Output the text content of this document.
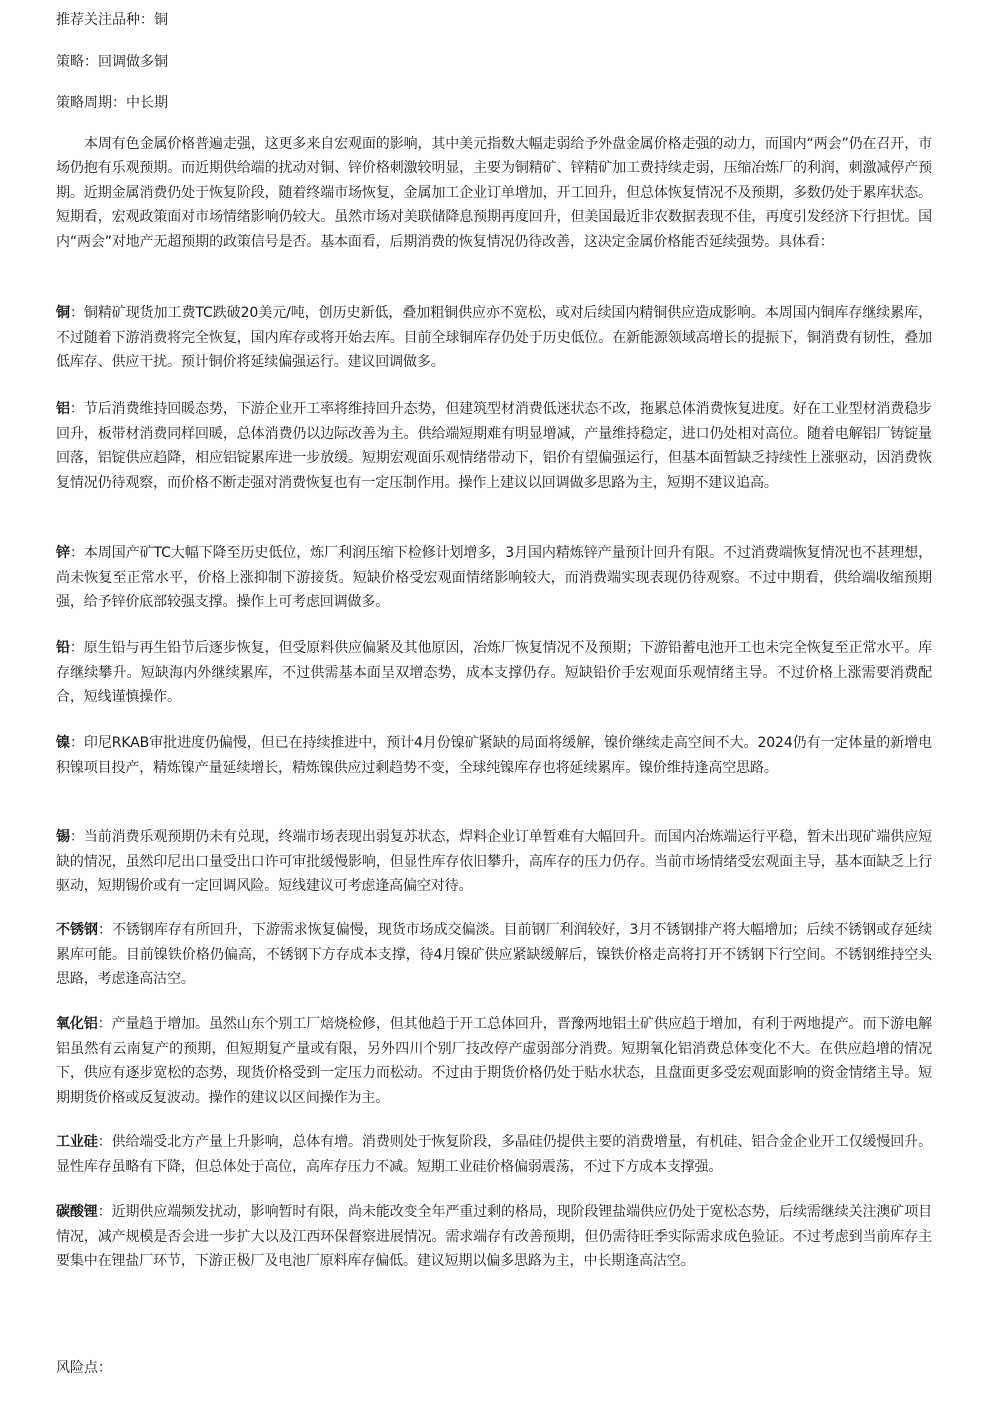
推荐关注品种：铜

策略：回调做多铜

策略周期：中长期

本周有色金属价格普遍走强，这更多来自宏观面的影响，其中美元指数大幅走弱给予外盘金属价格走强的动力，而国内“两会”仍在召开，市场仍抱有乐观预期。而近期供给端的扰动对铜、锌价格刺激较明显，主要为铜精矿、锌精矿加工费持续走弱，压缩冶炼厂的利润，刺激减停产预期。近期金属消费仍处于恢复阶段，随着终端市场恢复，金属加工企业订单增加，开工回升，但总体恢复情况不及预期，多数仍处于累库状态。短期看，宏观政策面对市场情绪影响仍较大。虽然市场对美联储降息预期再度回升，但美国最近非农数据表现不佳，再度引发经济下行担忧。国内“两会”对地产无超预期的政策信号是否。基本面看，后期消费的恢复情况仍待改善，这决定金属价格能否延续强势。具体看：

铜：铜精矿现货加工费TC跌破20美元/吨，创历史新低，叠加粗铜供应亦不宽松，或对后续国内精铜供应造成影响。本周国内铜库存继续累库，不过随着下游消费将完全恢复，国内库存或将开始去库。目前全球铜库存仍处于历史低位。在新能源领域高增长的提振下，铜消费有韧性，叠加低库存、供应干扰。预计铜价将延续偏强运行。建议回调做多。

铝：节后消费维持回暖态势，下游企业开工率将维持回升态势，但建筑型材消费低迷状态不改，拖累总体消费恢复进度。好在工业型材消费稳步回升，板带材消费同样回暖，总体消费仍以边际改善为主。供给端短期难有明显增减，产量维持稳定，进口仍处相对高位。随着电解铝厂铸锭量回落，铝锭供应趋降，相应铝锭累库进一步放缓。短期宏观面乐观情绪带动下，铝价有望偏强运行，但基本面暂缺乏持续性上涨驱动，因消费恢复情况仍待观察，而价格不断走强对消费恢复也有一定压制作用。操作上建议以回调做多思路为主，短期不建议追高。

锌：本周国产矿TC大幅下降至历史低位，炼厂利润压缩下检修计划增多，3月国内精炼锌产量预计回升有限。不过消费端恢复情况也不甚理想，尚未恢复至正常水平，价格上涨抑制下游接货。短缺价格受宏观面情绪影响较大，而消费端实现表现仍待观察。不过中期看，供给端收缩预期强，给予锌价底部较强支撑。操作上可考虑回调做多。

铅：原生铅与再生铅节后逐步恢复，但受原料供应偏紧及其他原因，冶炼厂恢复情况不及预期；下游铅蓄电池开工也未完全恢复至正常水平。库存继续攀升。短缺海内外继续累库，不过供需基本面呈双增态势，成本支撑仍存。短缺铅价手宏观面乐观情绪主导。不过价格上涨需要消费配合，短线谨慎操作。

镍：印尼RKAB审批进度仍偏慢，但已在持续推进中，预计4月份镍矿紧缺的局面将缓解，镍价继续走高空间不大。2024仍有一定体量的新增电积镍项目投产，精炼镍产量延续增长，精炼镍供应过剩趋势不变，全球纯镍库存也将延续累库。镍价维持逢高空思路。

锡：当前消费乐观预期仍未有兑现，终端市场表现出弱复苏状态，焊料企业订单暂难有大幅回升。而国内冶炼端运行平稳，暂未出现矿端供应短缺的情况，虽然印尼出口量受出口许可审批缓慢影响，但显性库存依旧攀升，高库存的压力仍存。当前市场情绪受宏观面主导，基本面缺乏上行驱动，短期锡价或有一定回调风险。短线建议可考虑逢高偏空对待。

不锈钢：不锈钢库存有所回升，下游需求恢复偏慢，现货市场成交偏淡。目前钢厂利润较好，3月不锈钢排产将大幅增加；后续不锈钢或存延续累库可能。目前镍铁价格仍偏高，不锈钢下方存成本支撑，待4月镍矿供应紧缺缓解后，镍铁价格走高将打开不锈钢下行空间。不锈钢维持空头思路，考虑逢高沽空。

氧化铝：产量趋于增加。虽然山东个别工厂焙烧检修，但其他趋于开工总体回升，晋豫两地铝土矿供应趋于增加，有利于两地提产。而下游电解铝虽然有云南复产的预期，但短期复产量或有限，另外四川个别厂技改停产虚弱部分消费。短期氧化铝消费总体变化不大。在供应趋增的情况下，供应有逐步宽松的态势，现货价格受到一定压力而松动。不过由于期货价格仍处于贴水状态，且盘面更多受宏观面影响的资金情绪主导。短期期货价格或反复波动。操作的建议以区间操作为主。

工业硅：供给端受北方产量上升影响，总体有增。消费则处于恢复阶段，多晶硅仍提供主要的消费增量，有机硅、铝合金企业开工仅缓慢回升。显性库存虽略有下降，但总体处于高位，高库存压力不减。短期工业硅价格偏弱震荡，不过下方成本支撑强。

碳酸锂：近期供应端频发扰动，影响暂时有限，尚未能改变全年严重过剩的格局，现阶段锂盐端供应仍处于宽松态势，后续需继续关注澳矿项目情况，减产规模是否会进一步扩大以及江西环保督察进展情况。需求端存有改善预期，但仍需待旺季实际需求成色验证。不过考虑到当前库存主要集中在锂盐厂环节，下游正极厂及电池厂原料库存偏低。建议短期以偏多思路为主，中长期逢高沽空。

风险点：
